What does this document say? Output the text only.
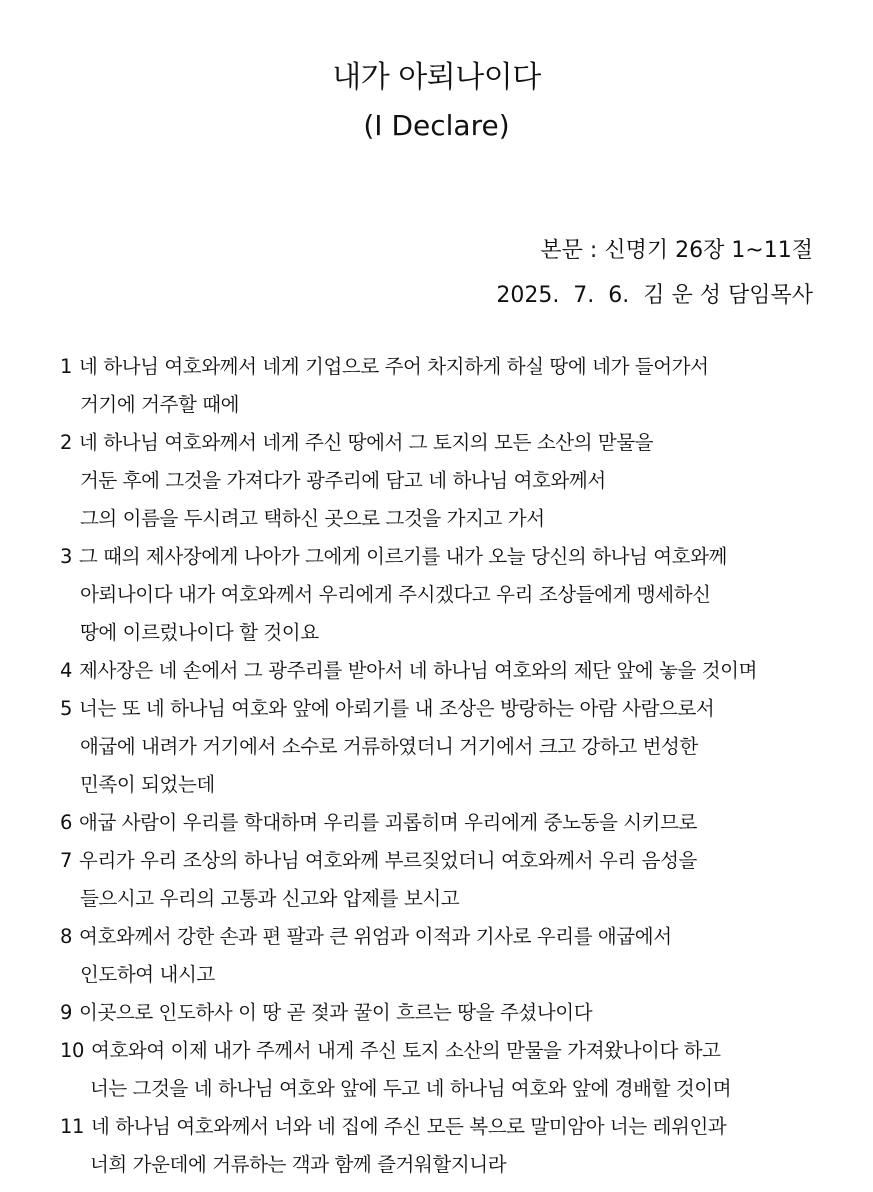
내가 아뢰나이다
(I Declare)
본문 : 신명기 26장 1~11절
2025.  7.  6.  김 운 성 담임목사
1 네 하나님 여호와께서 네게 기업으로 주어 차지하게 하실 땅에 네가 들어가서
거기에 거주할 때에
2 네 하나님 여호와께서 네게 주신 땅에서 그 토지의 모든 소산의 맏물을
거둔 후에 그것을 가져다가 광주리에 담고 네 하나님 여호와께서
그의 이름을 두시려고 택하신 곳으로 그것을 가지고 가서
3 그 때의 제사장에게 나아가 그에게 이르기를 내가 오늘 당신의 하나님 여호와께
아뢰나이다 내가 여호와께서 우리에게 주시겠다고 우리 조상들에게 맹세하신
땅에 이르렀나이다 할 것이요
4 제사장은 네 손에서 그 광주리를 받아서 네 하나님 여호와의 제단 앞에 놓을 것이며
5 너는 또 네 하나님 여호와 앞에 아뢰기를 내 조상은 방랑하는 아람 사람으로서
애굽에 내려가 거기에서 소수로 거류하였더니 거기에서 크고 강하고 번성한
민족이 되었는데
6 애굽 사람이 우리를 학대하며 우리를 괴롭히며 우리에게 중노동을 시키므로
7 우리가 우리 조상의 하나님 여호와께 부르짖었더니 여호와께서 우리 음성을
들으시고 우리의 고통과 신고와 압제를 보시고
8 여호와께서 강한 손과 편 팔과 큰 위엄과 이적과 기사로 우리를 애굽에서
인도하여 내시고
9 이곳으로 인도하사 이 땅 곧 젖과 꿀이 흐르는 땅을 주셨나이다
10 여호와여 이제 내가 주께서 내게 주신 토지 소산의 맏물을 가져왔나이다 하고
너는 그것을 네 하나님 여호와 앞에 두고 네 하나님 여호와 앞에 경배할 것이며
11 네 하나님 여호와께서 너와 네 집에 주신 모든 복으로 말미암아 너는 레위인과
너희 가운데에 거류하는 객과 함께 즐거워할지니라
